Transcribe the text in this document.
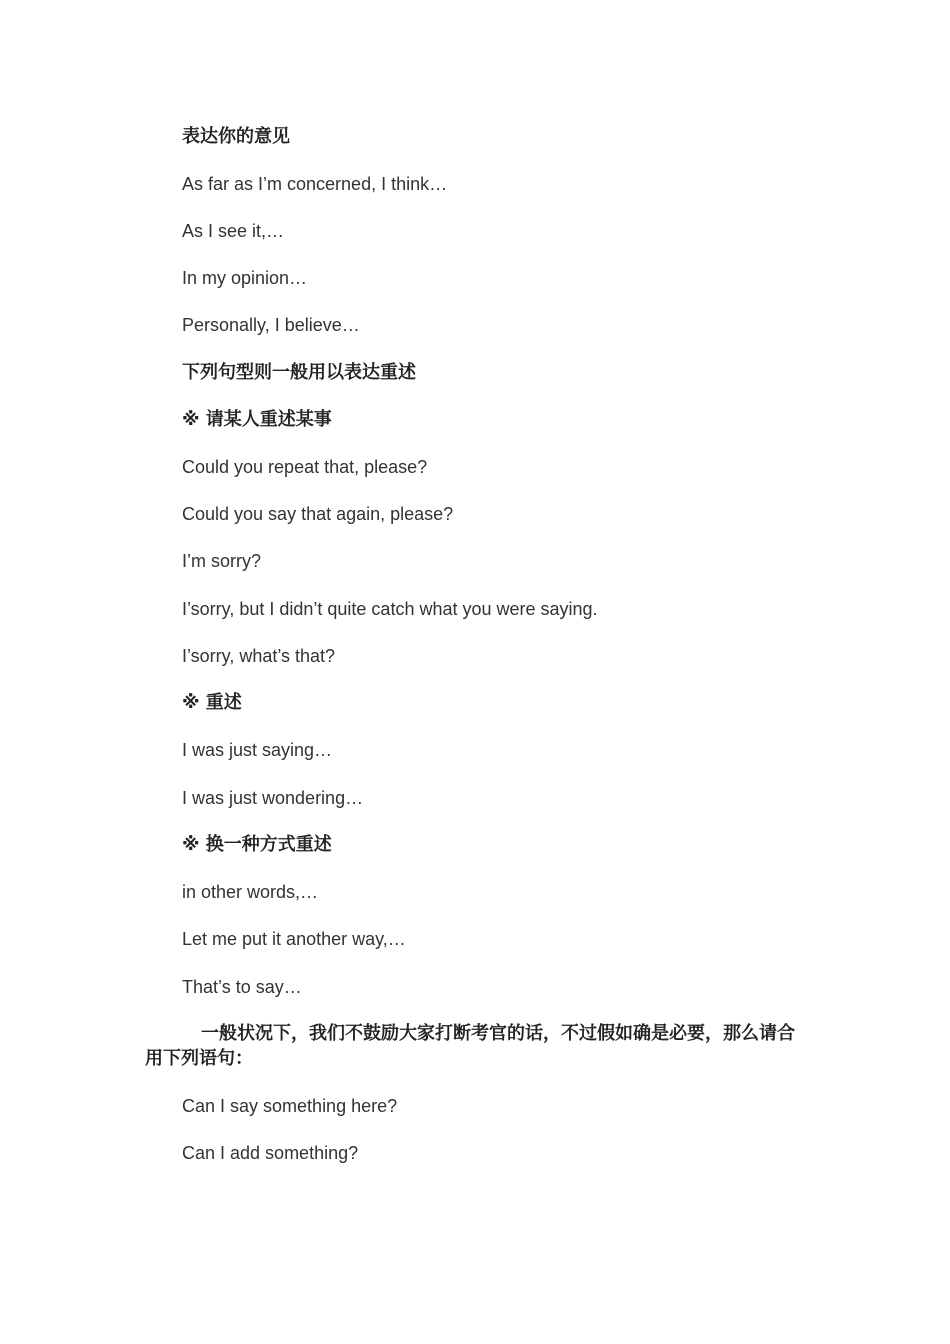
表达你的意见
As far as I’m concerned, I think…
As I see it,…
In my opinion…
Personally, I believe…
下列句型则一般用以表达重述
※ 请某人重述某事
Could you repeat that, please?
Could you say that again, please?
I’m sorry?
I’sorry, but I didn’t quite catch what you were saying.
I’sorry, what’s that?
※ 重述
I was just saying…
I was just wondering…
※ 换一种方式重述
in other words,…
Let me put it another way,…
That’s to say…
一般状况下，我们不鼓励大家打断考官的话，不过假如确是必要，那么请合用下列语句：
Can I say something here?
Can I add something?
